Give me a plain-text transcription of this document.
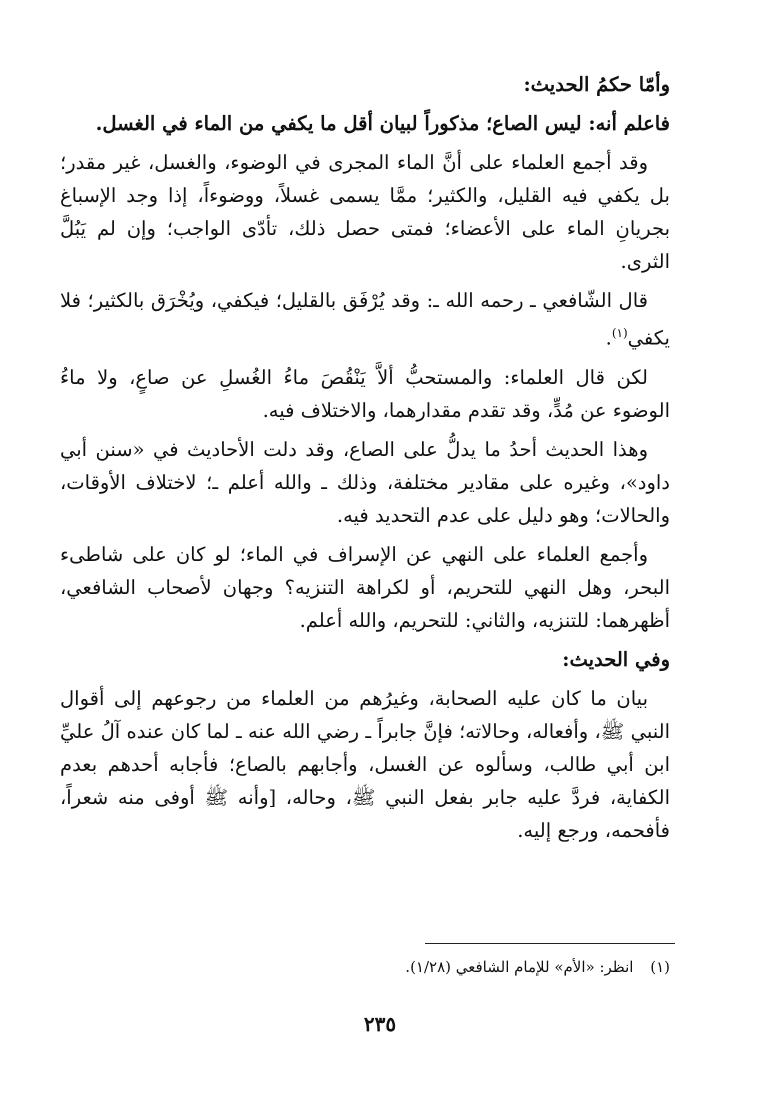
وأمّا حكمُ الحديث:

فاعلم أنه: ليس الصاع؛ مذكوراً لبيان أقل ما يكفي من الماء في الغسل.

وقد أجمع العلماء على أنَّ الماء المجرى في الوضوء، والغسل، غير مقدر؛ بل يكفي فيه القليل، والكثير؛ ممَّا يسمى غسلاً، ووضوءاً، إذا وجد الإسباغ بجريانِ الماء على الأعضاء؛ فمتى حصل ذلك، تأدّى الواجب؛ وإن لم يَبُلَّ الثرى.

قال الشّافعي ـ رحمه الله ـ: وقد يُرْفَق بالقليل؛ فيكفي، ويُخْرَق بالكثير؛ فلا يكفي$^{(١)}$.

لكن قال العلماء: والمستحبُّ ألاَّ يَنْقُصَ ماءُ الغُسلِ عن صاعٍ، ولا ماءُ الوضوء عن مُدٍّ، وقد تقدم مقدارهما، والاختلاف فيه.

وهذا الحديث أحدُ ما يدلُّ على الصاع، وقد دلت الأحاديث في «سنن أبي داود»، وغيره على مقادير مختلفة، وذلك ـ والله أعلم ـ؛ لاختلاف الأوقات، والحالات؛ وهو دليل على عدم التحديد فيه.

وأجمع العلماء على النهي عن الإسراف في الماء؛ لو كان على شاطىء البحر، وهل النهي للتحريم، أو لكراهة التنزيه؟ وجهان لأصحاب الشافعي، أظهرهما: للتنزيه، والثاني: للتحريم، والله أعلم.

وفي الحديث:

بيان ما كان عليه الصحابة، وغيرُهم من العلماء من رجوعهم إلى أقوال النبي ﷺ، وأفعاله، وحالاته؛ فإنَّ جابراً ـ رضي الله عنه ـ لما كان عنده آلُ عليِّ ابن أبي طالب، وسألوه عن الغسل، وأجابهم بالصاع؛ فأجابه أحدهم بعدم الكفاية، فردَّ عليه جابر بفعل النبي ﷺ، وحاله، [وأنه ﷺ أوفى منه شعراً، فأفحمه، ورجع إليه.

(١) انظر: «الأم» للإمام الشافعي (١/٢٨).
٢٣٥
